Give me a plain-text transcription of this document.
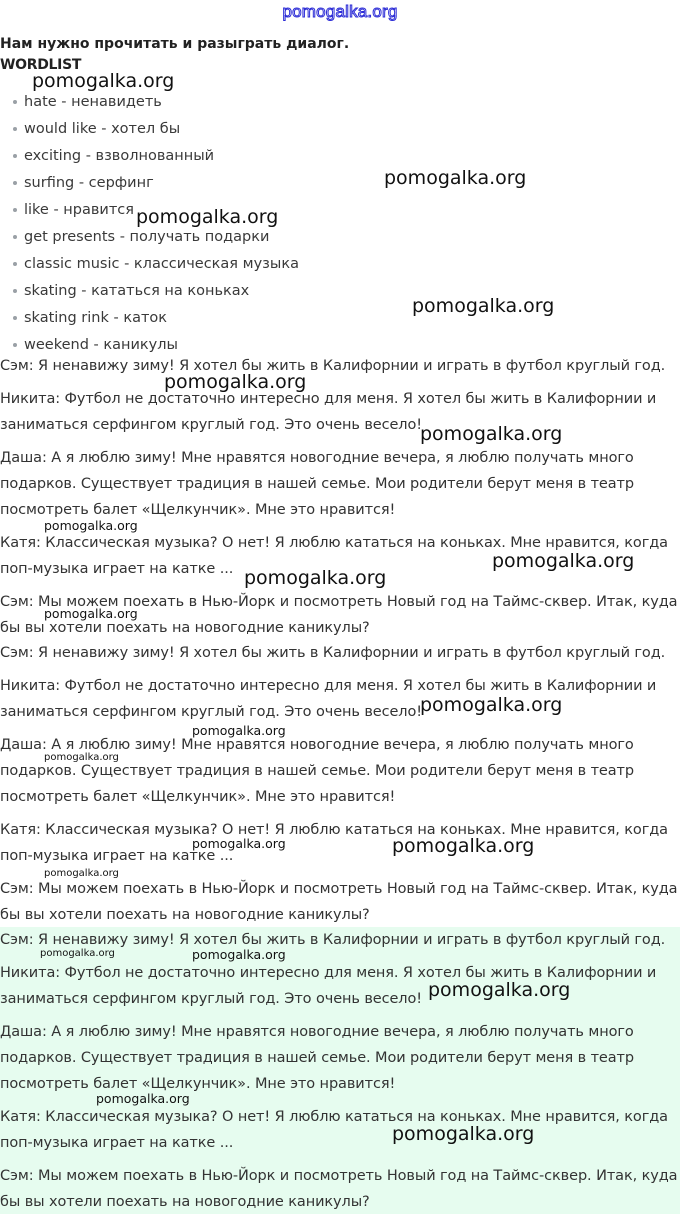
pomogalka.org
Нам нужно прочитать и разыграть диалог.
WORDLIST
hate - ненавидеть
would like - хотел бы
exciting - взволнованный
surfing - серфинг
like - нравится
get presents - получать подарки
classic music - классическая музыка
skating - кататься на коньках
skating rink - каток
weekend - каникулы
Сэм: Я ненавижу зиму! Я хотел бы жить в Калифорнии и играть в футбол круглый год.
Никита: Футбол не достаточно интересно для меня. Я хотел бы жить в Калифорнии и
заниматься серфингом круглый год. Это очень весело!
Даша: А я люблю зиму! Мне нравятся новогодние вечера, я люблю получать много
подарков. Существует традиция в нашей семье. Мои родители берут меня в театр
посмотреть балет «Щелкунчик». Мне это нравится!
Катя: Классическая музыка? О нет! Я люблю кататься на коньках. Мне нравится, когда
поп-музыка играет на катке ...
Сэм: Мы можем поехать в Нью-Йорк и посмотреть Новый год на Таймс-сквер. Итак, куда
бы вы хотели поехать на новогодние каникулы?
Сэм: Я ненавижу зиму! Я хотел бы жить в Калифорнии и играть в футбол круглый год.
Никита: Футбол не достаточно интересно для меня. Я хотел бы жить в Калифорнии и
заниматься серфингом круглый год. Это очень весело!
Даша: А я люблю зиму! Мне нравятся новогодние вечера, я люблю получать много
подарков. Существует традиция в нашей семье. Мои родители берут меня в театр
посмотреть балет «Щелкунчик». Мне это нравится!
Катя: Классическая музыка? О нет! Я люблю кататься на коньках. Мне нравится, когда
поп-музыка играет на катке ...
Сэм: Мы можем поехать в Нью-Йорк и посмотреть Новый год на Таймс-сквер. Итак, куда
бы вы хотели поехать на новогодние каникулы?
Сэм: Я ненавижу зиму! Я хотел бы жить в Калифорнии и играть в футбол круглый год.
Никита: Футбол не достаточно интересно для меня. Я хотел бы жить в Калифорнии и
заниматься серфингом круглый год. Это очень весело!
Даша: А я люблю зиму! Мне нравятся новогодние вечера, я люблю получать много
подарков. Существует традиция в нашей семье. Мои родители берут меня в театр
посмотреть балет «Щелкунчик». Мне это нравится!
Катя: Классическая музыка? О нет! Я люблю кататься на коньках. Мне нравится, когда
поп-музыка играет на катке ...
Сэм: Мы можем поехать в Нью-Йорк и посмотреть Новый год на Таймс-сквер. Итак, куда
бы вы хотели поехать на новогодние каникулы?
pomogalka.org
pomogalka.org
pomogalka.org
pomogalka.org
pomogalka.org
pomogalka.org
pomogalka.org
pomogalka.org
pomogalka.org
pomogalka.org
pomogalka.org
pomogalka.org
pomogalka.org
pomogalka.org	pomogalka.org
pomogalka.org
pomogalka.org	pomogalka.org
pomogalka.org
pomogalka.org
pomogalka.org
